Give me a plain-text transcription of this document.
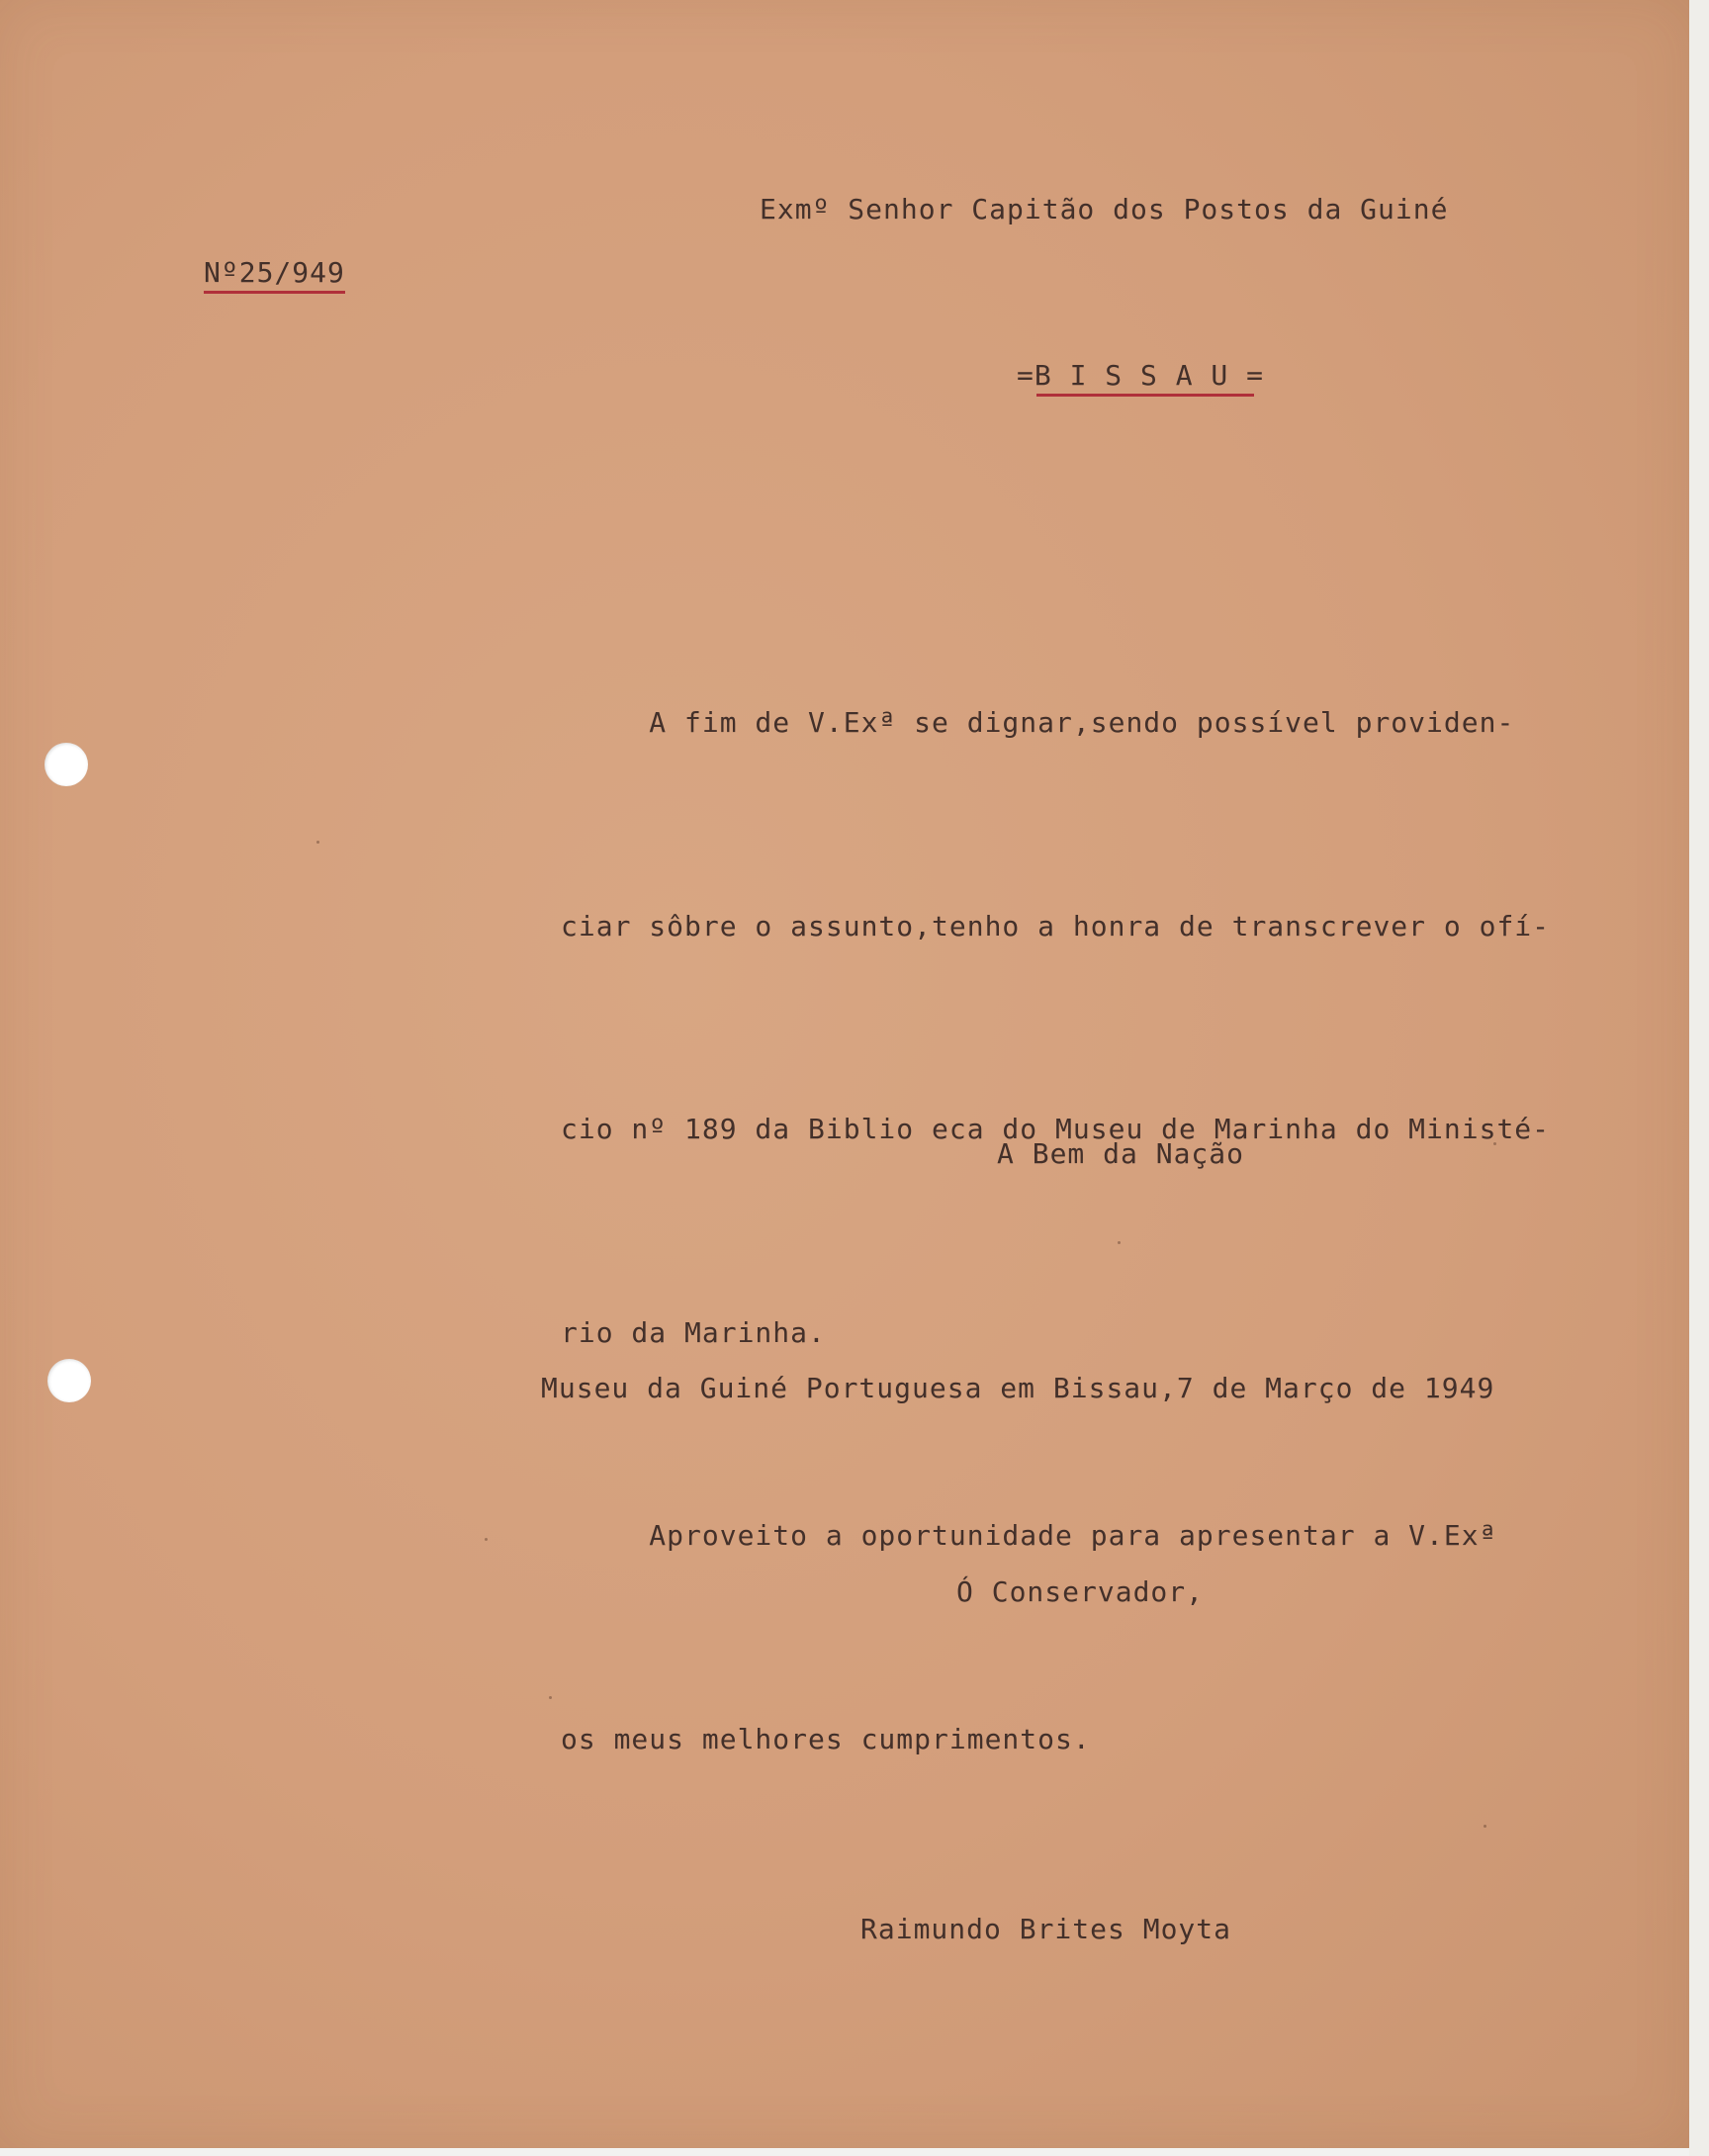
Exmº Senhor Capitão dos Postos da Guiné

Nº25/949

=B I S S A U =

A fim de V.Exª se dignar,sendo possível providen-

ciar sôbre o assunto,tenho a honra de transcrever o ofí-

cio nº 189 da Biblio eca do Museu de Marinha do Ministé-

rio da Marinha.

Aproveito a oportunidade para apresentar a V.Exª

os meus melhores cumprimentos.

A Bem da Nação

Museu da Guiné Portuguesa em Bissau,7 de Março de 1949

Ó Conservador,

Raimundo Brites Moyta
